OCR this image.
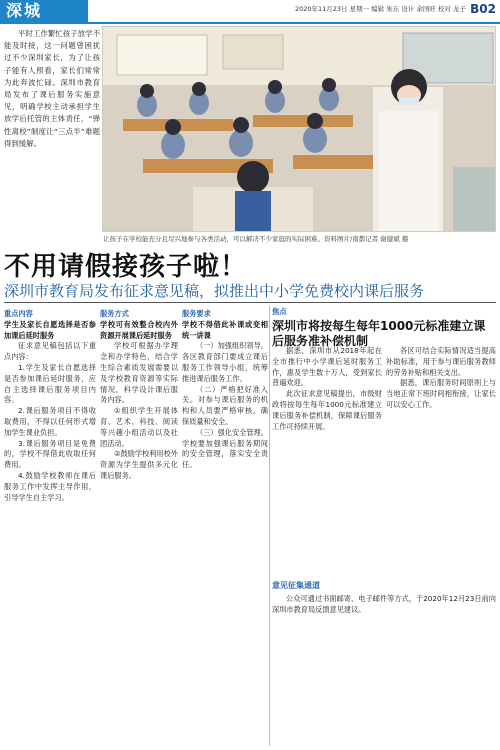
深城	2020年11月23日 星期一 编辑 朱东 设计 余国旺 校对 龙子 B02
平时工作繁忙孩子放学不能及时接，这一问题曾困扰过不少深圳家长，为了让孩子能有人照看，家长们常常为此奔波忙碌。深圳市教育局发布了课后服务实施意见，明确学校主动承担学生放学后托管的主体责任，“弹性离校”制度让“三点半”难题得到缓解。
让孩子在学校能充分且尽兴地参与各类活动，可以解决不少家庭的实际困难。资料图片/南都记者 谢健斌 摄
不用请假接孩子啦！
深圳市教育局发布征求意见稿，拟推出中小学免费校内课后服务

重点内容

学生及家长自愿选择是否参加课后延时服务

征求意见稿包括以下重点内容：

1.学生及家长自愿选择是否参加课后延时服务，应自主选择课后服务项目内容。

2.课后服务项目不得收取费用，不得以任何形式增加学生课业负担。

3.课后服务项目是免费的，学校不得借此收取任何费用。

4.鼓励学校教师在课后服务工作中发挥主导作用，引导学生自主学习。

服务方式

学校可有效整合校内外资源开展课后延时服务

学校可根据办学理念和办学特色，结合学生综合素质发展需要以及学校教育资源等实际情况，科学设计课后服务内容。

①组织学生开展体育、艺术、科技、阅读等兴趣小组活动以及社团活动。

②鼓励学校利用校外资源为学生提供多元化课后服务。

服务要求

学校不得借此补课或变相统一讲课

（一）加强组织领导。各区教育部门要成立课后服务工作领导小组，统筹推进课后服务工作。

（二）严格把好准入关。对参与课后服务的机构和人员要严格审核，确保质量和安全。

（三）强化安全管理。学校要加强课后服务期间的安全管理，落实安全责任。

焦点
深圳市将按每生每年1000元标准建立课后服务准补偿机制

据悉，深圳市从2018年起在全市推行中小学课后延时服务工作，惠及学生数十万人，受到家长普遍欢迎。

此次征求意见稿提出，市级财政将按每生每年1000元标准建立课后服务补偿机制，保障课后服务工作可持续开展。

各区可结合实际情况适当提高补助标准，用于参与课后服务教师的劳务补贴和相关支出。

据悉，课后服务时间原则上与当地正常下班时间相衔接，让家长可以安心工作。

意见征集通道

公众可通过书面邮寄、电子邮件等方式，于2020年12月23日前向深圳市教育局反馈意见建议。
